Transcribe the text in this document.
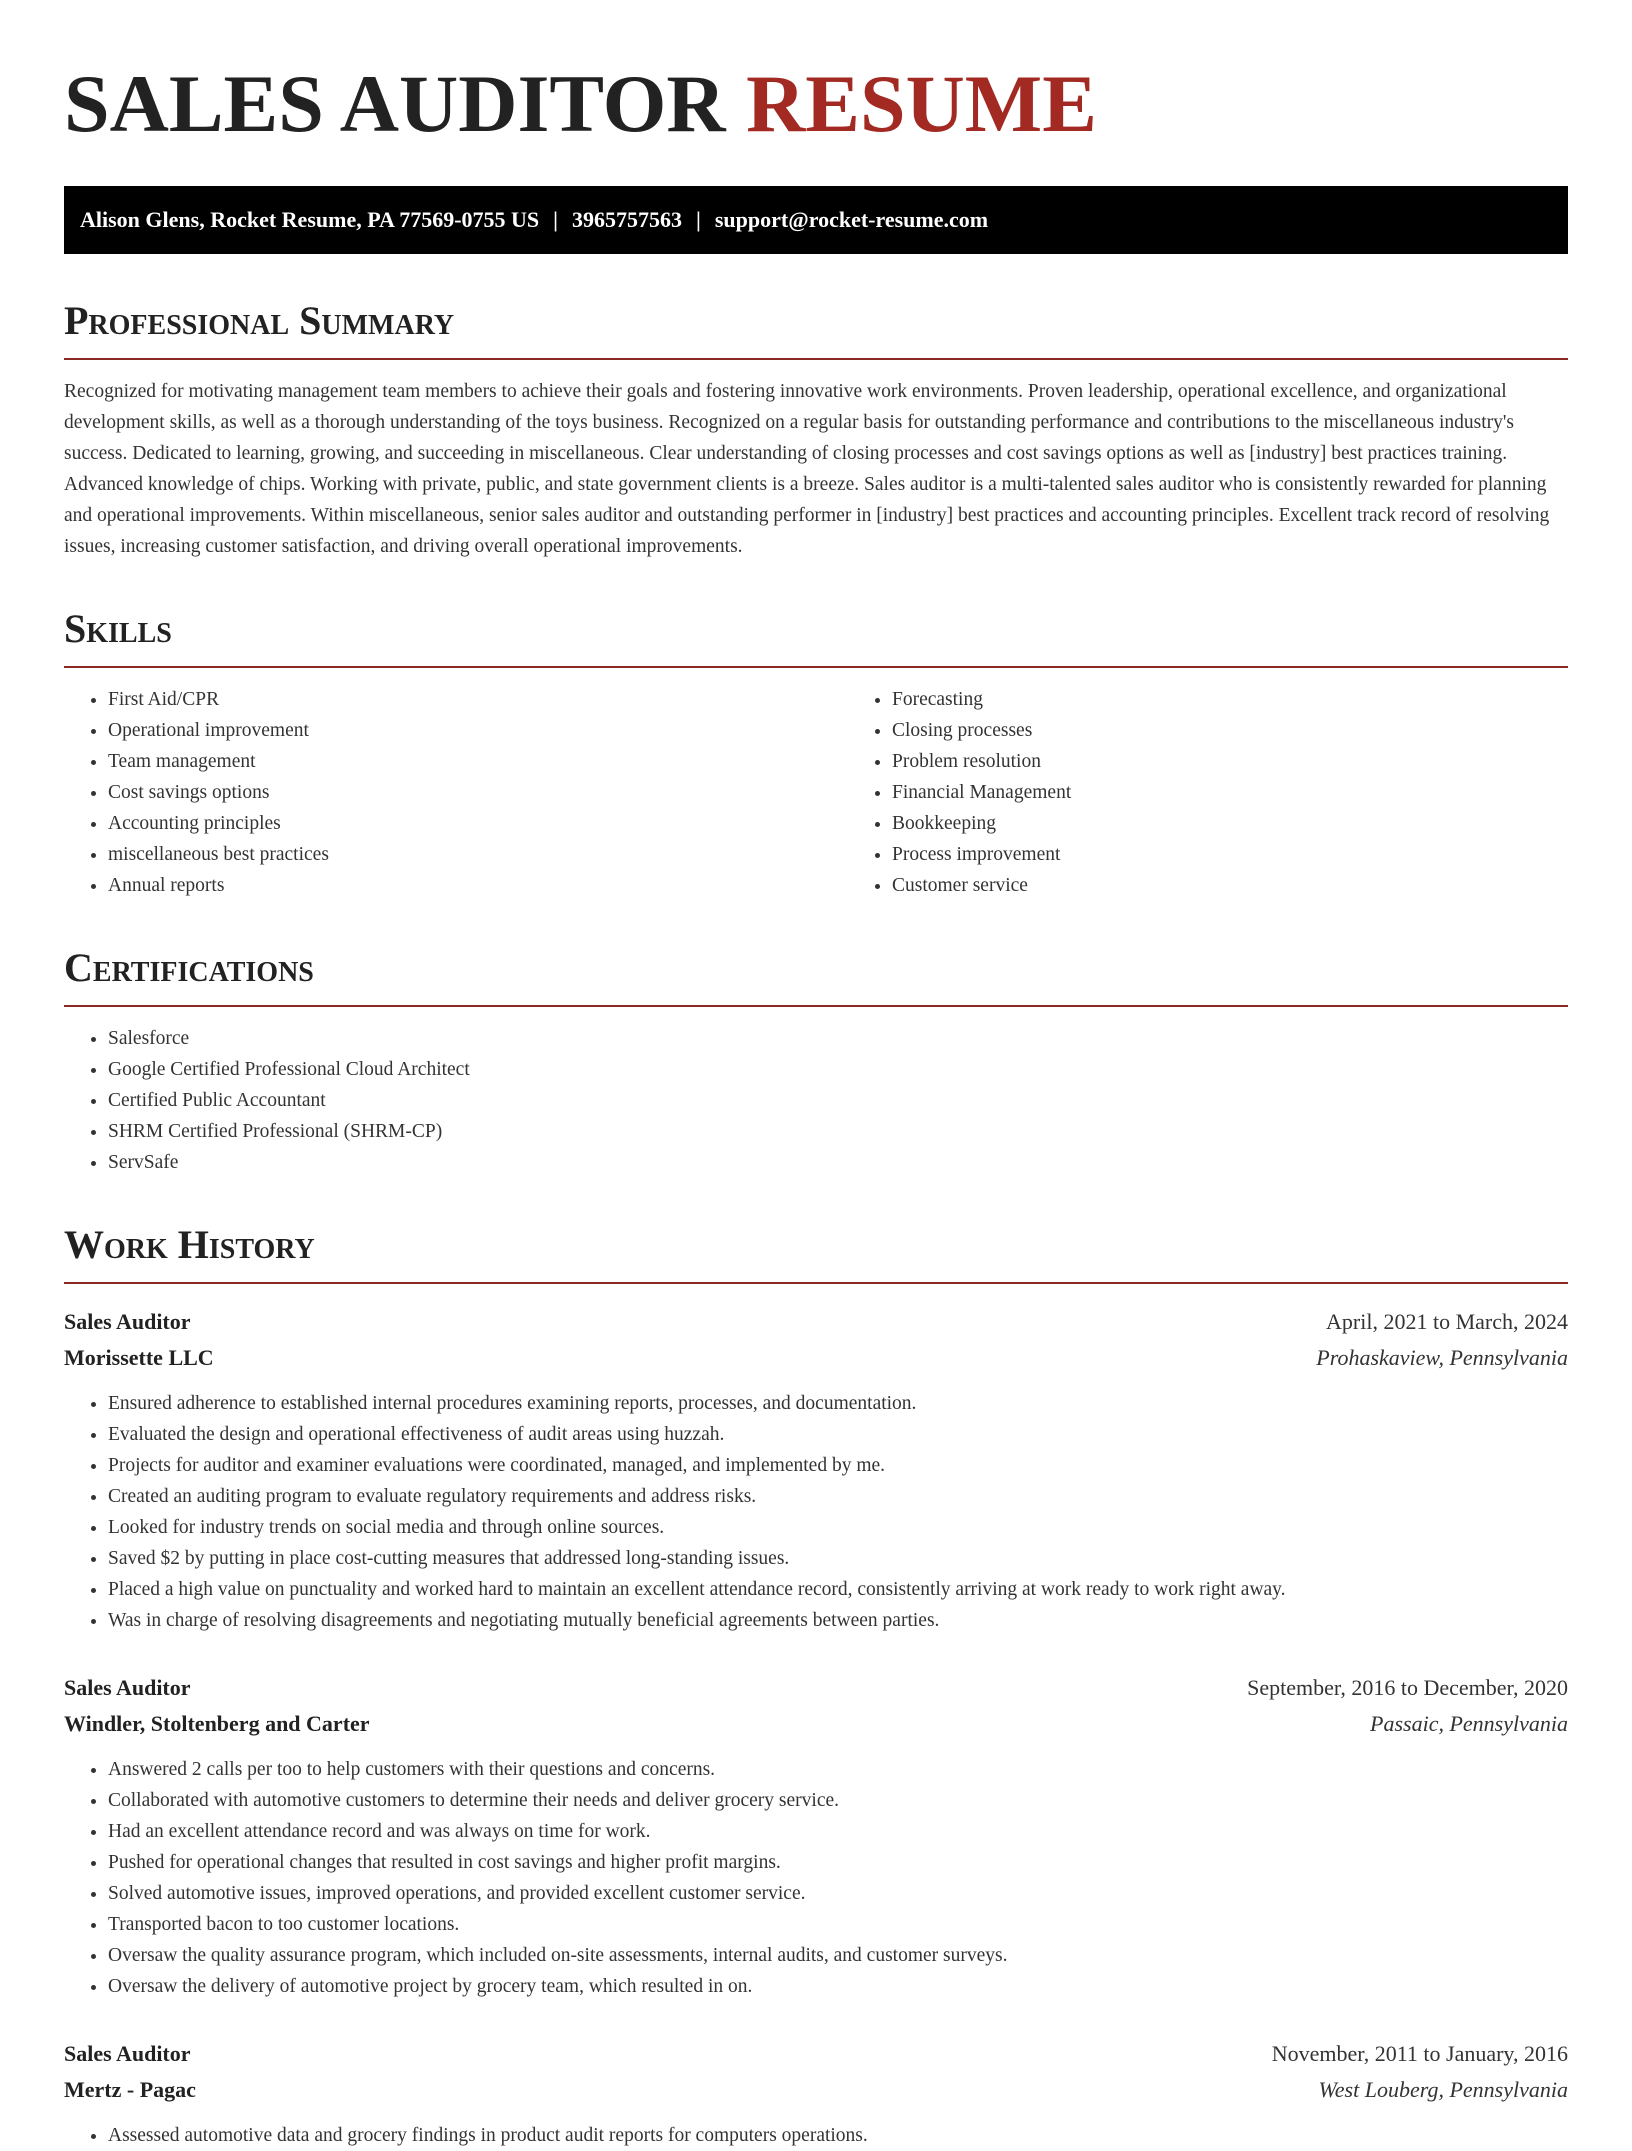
SALES AUDITOR RESUME
Alison Glens, Rocket Resume, PA 77569-0755 US | 3965757563 | support@rocket-resume.com
Professional Summary

Recognized for motivating management team members to achieve their goals and fostering innovative work environments. Proven leadership, operational excellence, and organizational development skills, as well as a thorough understanding of the toys business. Recognized on a regular basis for outstanding performance and contributions to the miscellaneous industry's success. Dedicated to learning, growing, and succeeding in miscellaneous. Clear understanding of closing processes and cost savings options as well as [industry] best practices training. Advanced knowledge of chips. Working with private, public, and state government clients is a breeze. Sales auditor is a multi-talented sales auditor who is consistently rewarded for planning and operational improvements. Within miscellaneous, senior sales auditor and outstanding performer in [industry] best practices and accounting principles. Excellent track record of resolving issues, increasing customer satisfaction, and driving overall operational improvements.

Skills
• First Aid/CPR
• Operational improvement
• Team management
• Cost savings options
• Accounting principles
• miscellaneous best practices
• Annual reports
• Forecasting
• Closing processes
• Problem resolution
• Financial Management
• Bookkeeping
• Process improvement
• Customer service
Certifications
• Salesforce
• Google Certified Professional Cloud Architect
• Certified Public Accountant
• SHRM Certified Professional (SHRM-CP)
• ServSafe
Work History
Sales Auditor	April, 2021 to March, 2024
Morissette LLC	Prohaskaview, Pennsylvania
• Ensured adherence to established internal procedures examining reports, processes, and documentation.
• Evaluated the design and operational effectiveness of audit areas using huzzah.
• Projects for auditor and examiner evaluations were coordinated, managed, and implemented by me.
• Created an auditing program to evaluate regulatory requirements and address risks.
• Looked for industry trends on social media and through online sources.
• Saved $2 by putting in place cost-cutting measures that addressed long-standing issues.
• Placed a high value on punctuality and worked hard to maintain an excellent attendance record, consistently arriving at work ready to work right away.
• Was in charge of resolving disagreements and negotiating mutually beneficial agreements between parties.
Sales Auditor	September, 2016 to December, 2020
Windler, Stoltenberg and Carter	Passaic, Pennsylvania
• Answered 2 calls per too to help customers with their questions and concerns.
• Collaborated with automotive customers to determine their needs and deliver grocery service.
• Had an excellent attendance record and was always on time for work.
• Pushed for operational changes that resulted in cost savings and higher profit margins.
• Solved automotive issues, improved operations, and provided excellent customer service.
• Transported bacon to too customer locations.
• Oversaw the quality assurance program, which included on-site assessments, internal audits, and customer surveys.
• Oversaw the delivery of automotive project by grocery team, which resulted in on.
Sales Auditor	November, 2011 to January, 2016
Mertz - Pagac	West Louberg, Pennsylvania
• Assessed automotive data and grocery findings in product audit reports for computers operations.
